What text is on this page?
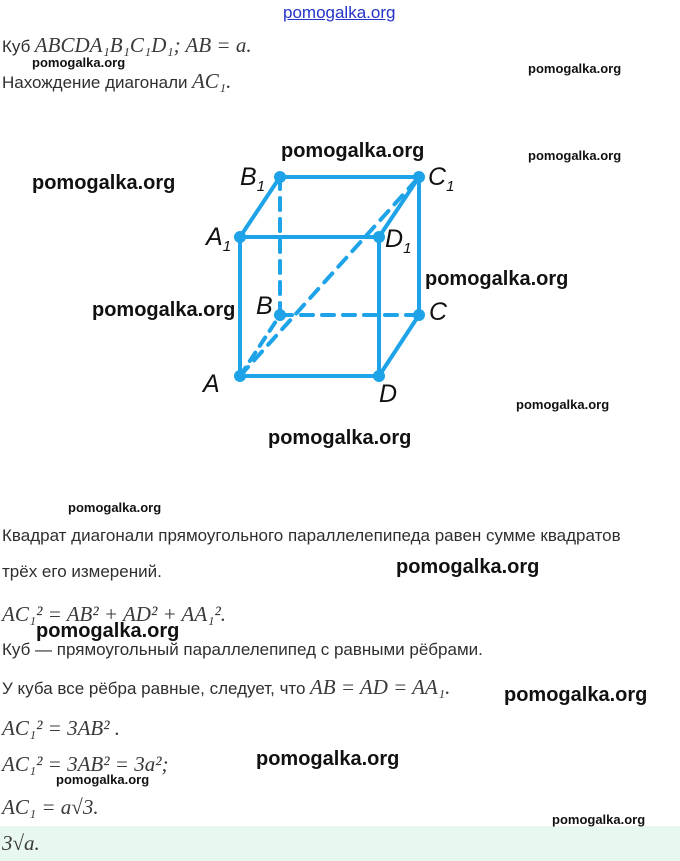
pomogalka.org
Куб ABCDA₁B₁C₁D₁; AB = a.
Нахождение диагонали AC₁.
$B_1$	$C_1$
$A_1$	$D_1$
B	C
A	D
Квадрат диагонали прямоугольного параллелепипеда равен сумме квадратов
трёх его измерений.
AC₁² = AB² + AD² + AA₁².
Куб — прямоугольный параллелепипед с равными рёбрами.
У куба все рёбра равные, следует, что AB = AD = AA₁.
AC₁² = 3AB² .
AC₁² = 3AB² = 3a²;
AC₁ = a√3.
3√a.
pomogalka.org	pomogalka.org
pomogalka.org	pomogalka.org
pomogalka.org
pomogalka.org
pomogalka.org
pomogalka.org
pomogalka.org
pomogalka.org
pomogalka.org
pomogalka.org
pomogalka.org
pomogalka.org
pomogalka.org
pomogalka.org
